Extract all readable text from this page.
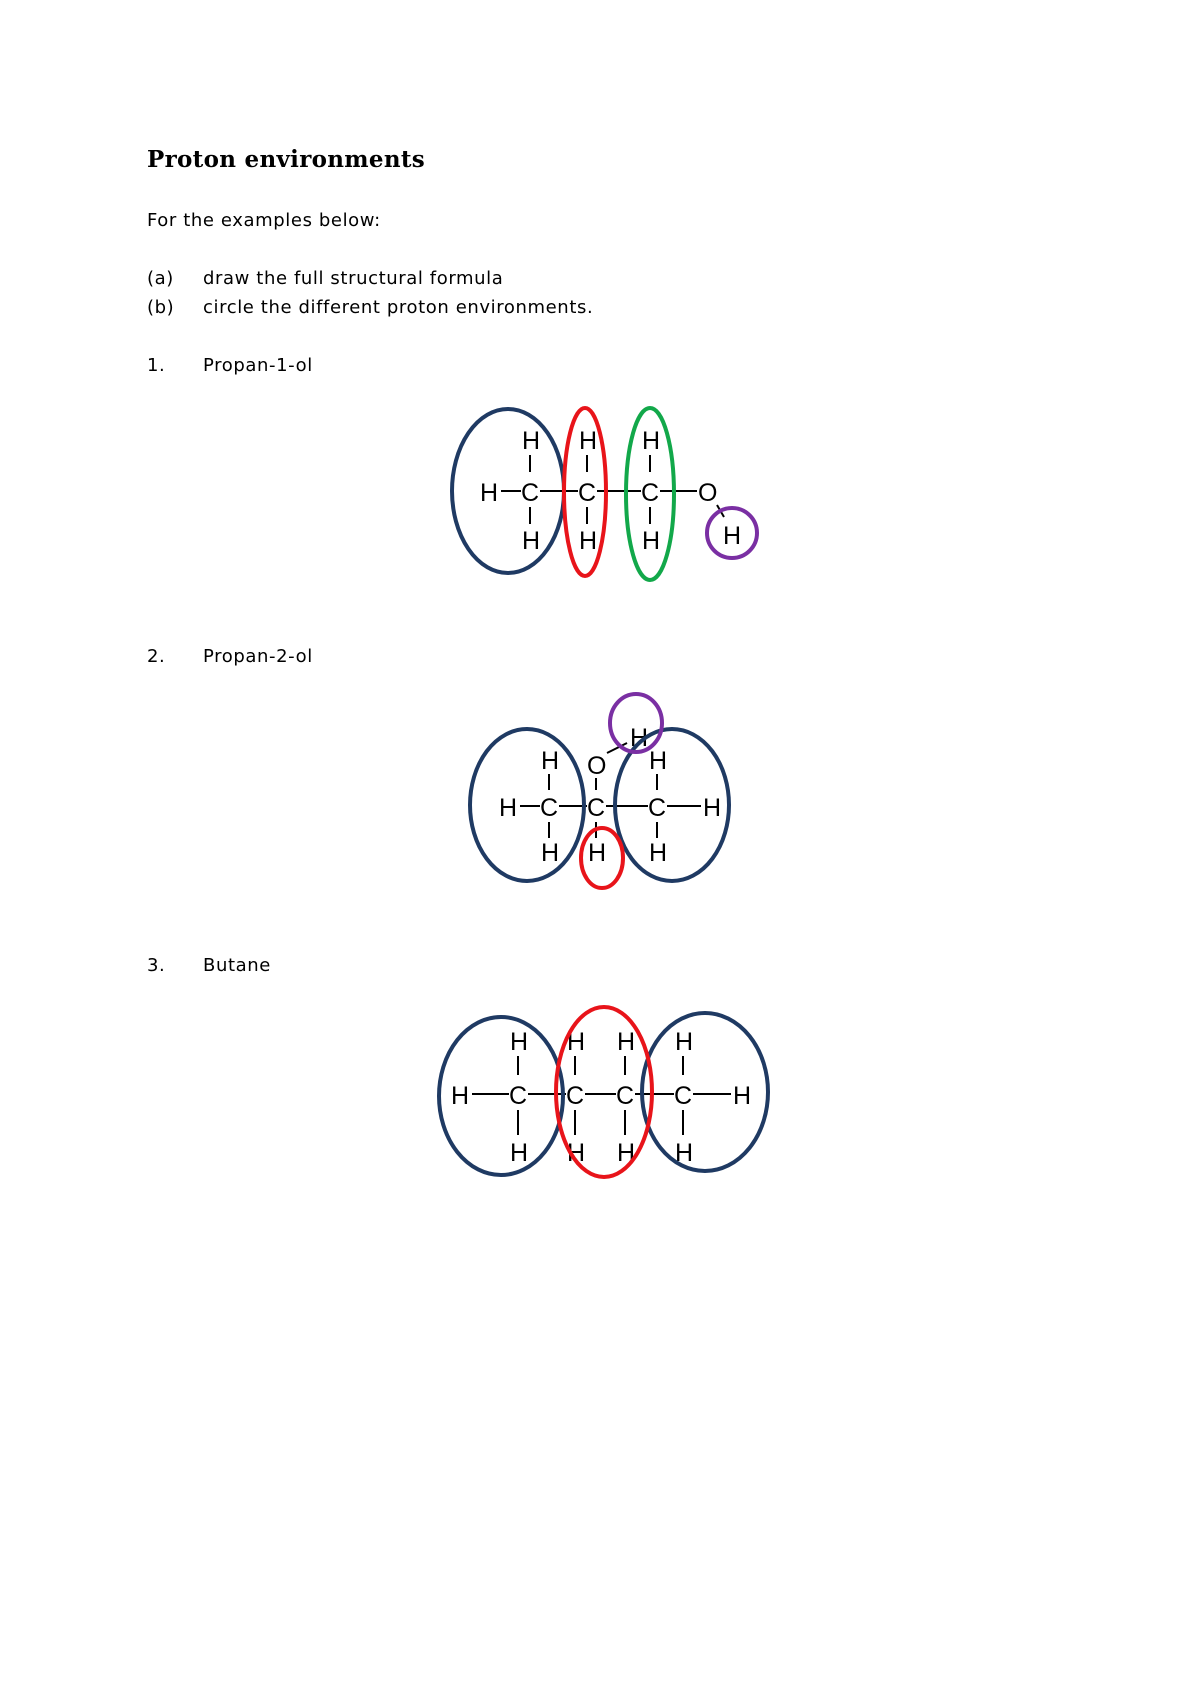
Proton environments
For the examples below:
(a) draw the full structural formula
(b) circle the different proton environments.
1. Propan-1-ol
H C C C O
H H H
H H H	H
2. Propan-2-ol
H C C C H
H O H
H
H H H
3. Butane
H C C C C H
H H H H
H H H H
